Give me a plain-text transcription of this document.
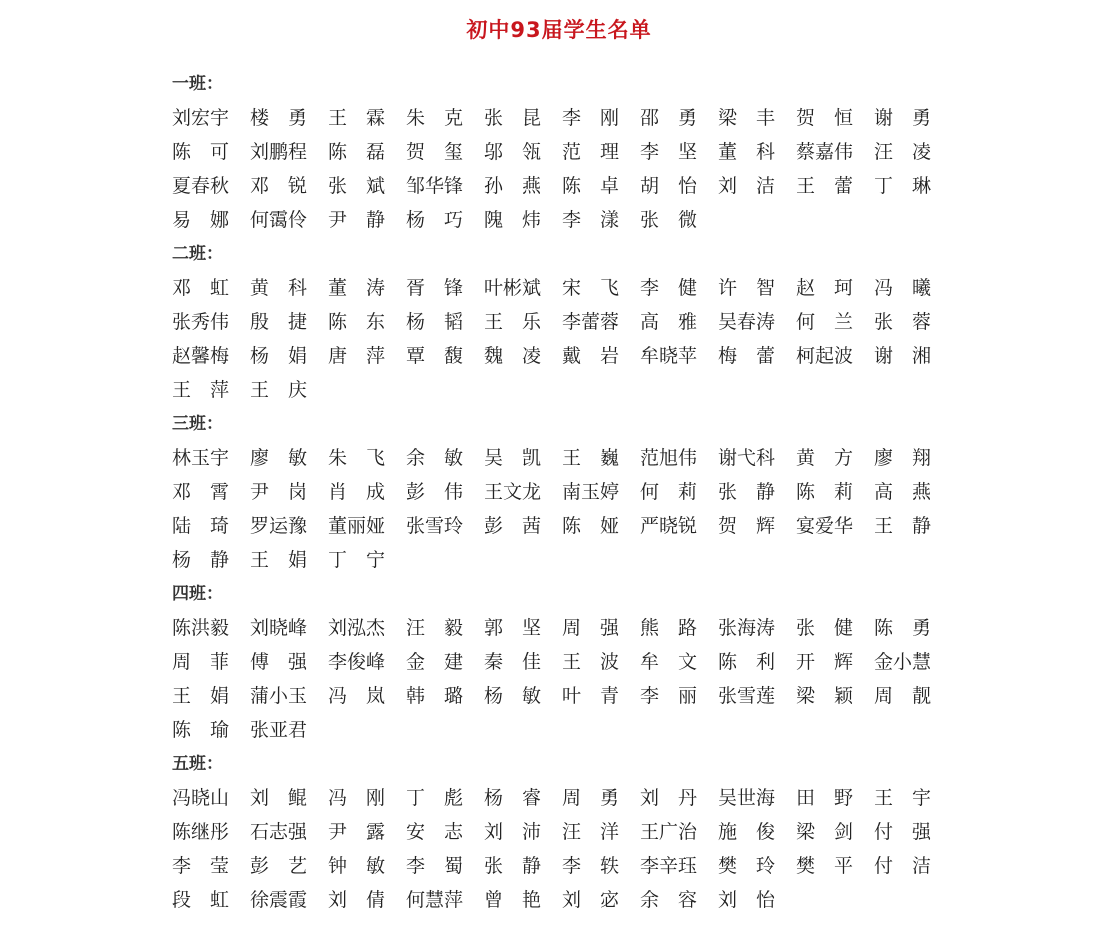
初中93届学生名单
一班：
刘宏宇 楼勇 王霖 朱克 张昆 李刚 邵勇 梁丰 贺恒 谢勇
陈可 刘鹏程 陈磊 贺玺 邬瓴 范理 李坚 董科 蔡嘉伟 汪凌
夏春秋 邓锐 张斌 邹华锋 孙燕 陈卓 胡怡 刘洁 王蕾 丁琳
易娜 何霭伶 尹静 杨巧 隗炜 李漾 张微
二班：
邓虹 黄科 董涛 胥锋 叶彬斌 宋飞 李健 许智 赵珂 冯曦
张秀伟 殷捷 陈东 杨韬 王乐 李蕾蓉 高雅 吴春涛 何兰 张蓉
赵馨梅 杨娟 唐萍 覃馥 魏凌 戴岩 牟晓苹 梅蕾 柯起波 谢湘
王萍 王庆
三班：
林玉宇 廖敏 朱飞 余敏 吴凯 王巍 范旭伟 谢弋科 黄方 廖翔
邓霄 尹岗 肖成 彭伟 王文龙 南玉婷 何莉 张静 陈莉 高燕
陆琦 罗运豫 董丽娅 张雪玲 彭茜 陈娅 严晓锐 贺辉 宴爱华 王静
杨静 王娟 丁宁
四班：
陈洪毅 刘晓峰 刘泓杰 汪毅 郭坚 周强 熊路 张海涛 张健 陈勇
周菲 傅强 李俊峰 金建 秦佳 王波 牟文 陈利 开辉 金小慧
王娟 蒲小玉 冯岚 韩璐 杨敏 叶青 李丽 张雪莲 梁颖 周靓
陈瑜 张亚君
五班：
冯晓山 刘鲲 冯刚 丁彪 杨睿 周勇 刘丹 吴世海 田野 王宇
陈继彤 石志强 尹露 安志 刘沛 汪洋 王广治 施俊 梁剑 付强
李莹 彭艺 钟敏 李蜀 张静 李轶 李辛珏 樊玲 樊平 付洁
段虹 徐震霞 刘倩 何慧萍 曾艳 刘宓 余容 刘怡
